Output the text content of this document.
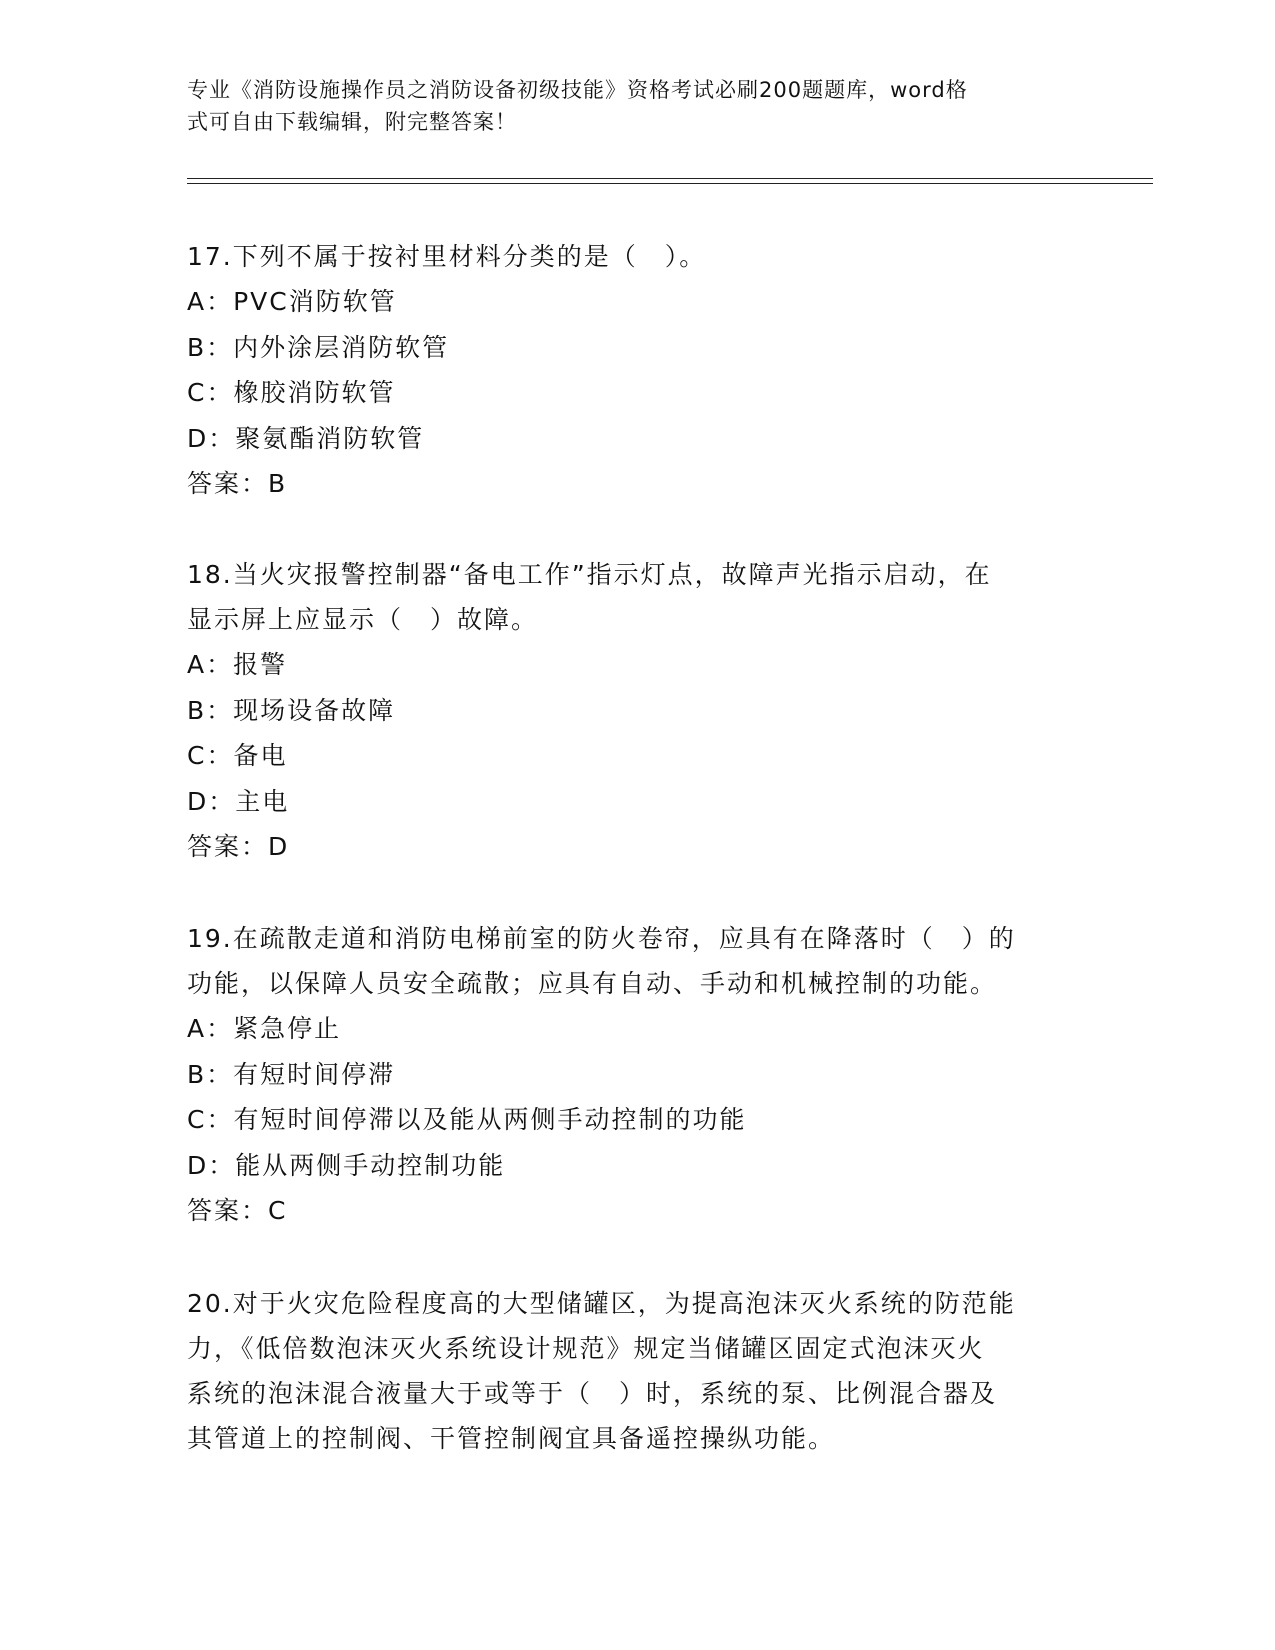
专业《消防设施操作员之消防设备初级技能》资格考试必刷200题题库，word格
式可自由下载编辑，附完整答案！
17.下列不属于按衬里材料分类的是（　）。
A：PVC消防软管
B：内外涂层消防软管
C：橡胶消防软管
D：聚氨酯消防软管
答案：B
18.当火灾报警控制器“备电工作”指示灯点，故障声光指示启动，在
显示屏上应显示（　）故障。
A：报警
B：现场设备故障
C：备电
D：主电
答案：D
19.在疏散走道和消防电梯前室的防火卷帘，应具有在降落时（　）的
功能，以保障人员安全疏散；应具有自动、手动和机械控制的功能。
A：紧急停止
B：有短时间停滞
C：有短时间停滞以及能从两侧手动控制的功能
D：能从两侧手动控制功能
答案：C
20.对于火灾危险程度高的大型储罐区，为提高泡沫灭火系统的防范能
力，《低倍数泡沫灭火系统设计规范》规定当储罐区固定式泡沫灭火
系统的泡沫混合液量大于或等于（　）时，系统的泵、比例混合器及
其管道上的控制阀、干管控制阀宜具备遥控操纵功能。
